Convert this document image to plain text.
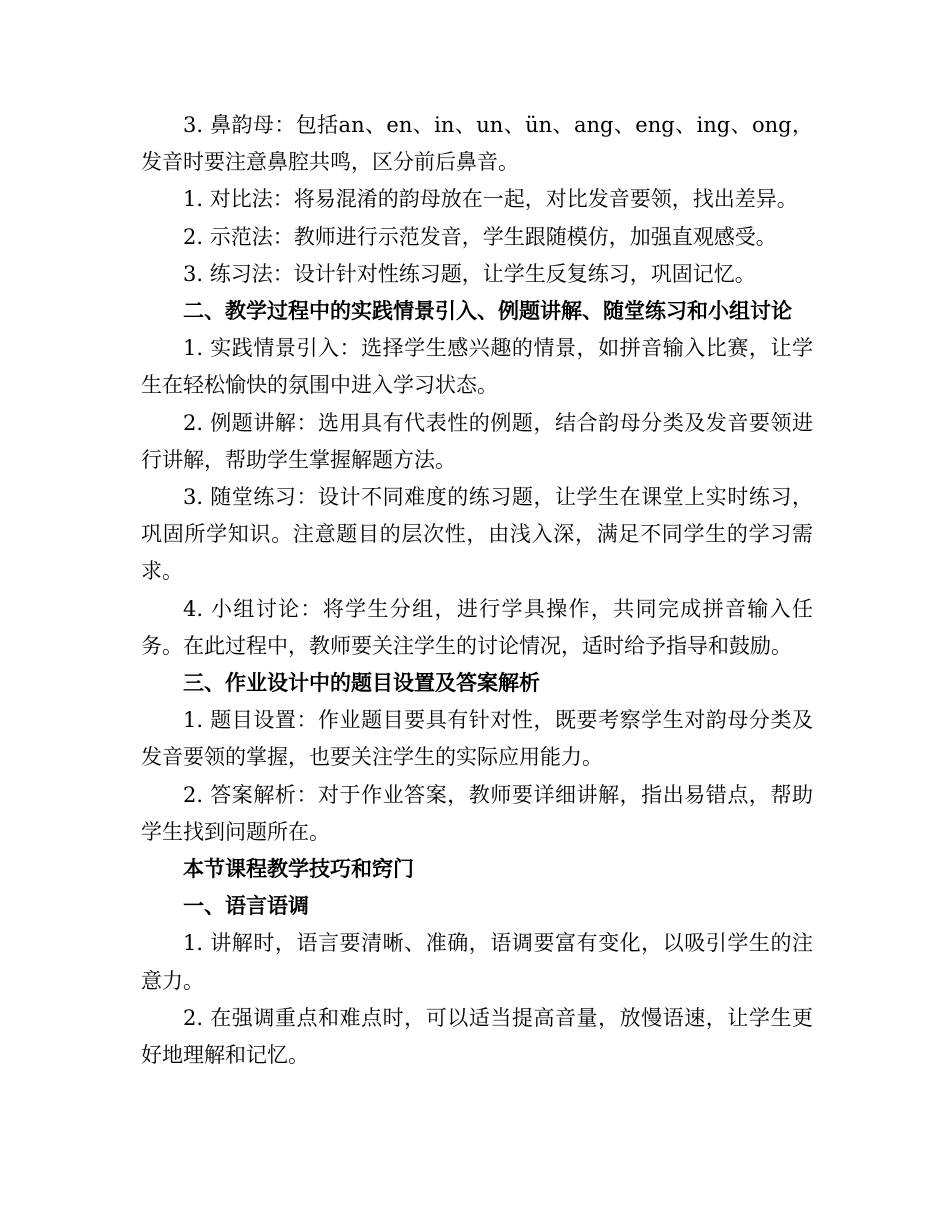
3. 鼻韵母：包括an、en、in、un、ün、ang、eng、ing、ong，发音时要注意鼻腔共鸣，区分前后鼻音。

1. 对比法：将易混淆的韵母放在一起，对比发音要领，找出差异。

2. 示范法：教师进行示范发音，学生跟随模仿，加强直观感受。

3. 练习法：设计针对性练习题，让学生反复练习，巩固记忆。

二、教学过程中的实践情景引入、例题讲解、随堂练习和小组讨论

1. 实践情景引入：选择学生感兴趣的情景，如拼音输入比赛，让学生在轻松愉快的氛围中进入学习状态。

2. 例题讲解：选用具有代表性的例题，结合韵母分类及发音要领进行讲解，帮助学生掌握解题方法。

3. 随堂练习：设计不同难度的练习题，让学生在课堂上实时练习，巩固所学知识。注意题目的层次性，由浅入深，满足不同学生的学习需求。

4. 小组讨论：将学生分组，进行学具操作，共同完成拼音输入任务。在此过程中，教师要关注学生的讨论情况，适时给予指导和鼓励。

三、作业设计中的题目设置及答案解析

1. 题目设置：作业题目要具有针对性，既要考察学生对韵母分类及发音要领的掌握，也要关注学生的实际应用能力。

2. 答案解析：对于作业答案，教师要详细讲解，指出易错点，帮助学生找到问题所在。

本节课程教学技巧和窍门

一、语言语调

1. 讲解时，语言要清晰、准确，语调要富有变化，以吸引学生的注意力。

2. 在强调重点和难点时，可以适当提高音量，放慢语速，让学生更好地理解和记忆。
